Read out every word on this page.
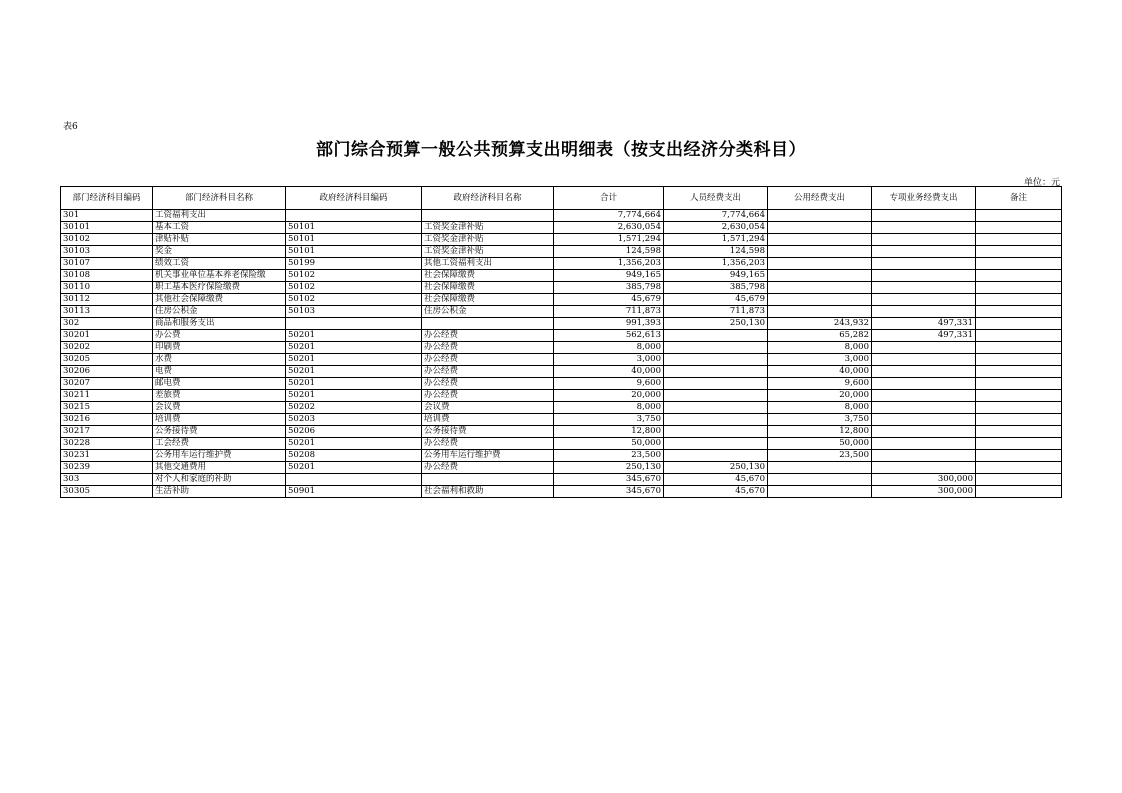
表6
部门综合预算一般公共预算支出明细表（按支出经济分类科目）
单位：元
部门经济科目编码	部门经济科目名称	政府经济科目编码	政府经济科目名称	合计	人员经费支出	公用经费支出	专项业务经费支出	备注
301	工资福利支出			7,774,664	7,774,664			
30101	基本工资	50101	工资奖金津补贴	2,630,054	2,630,054			
30102	津贴补贴	50101	工资奖金津补贴	1,571,294	1,571,294			
30103	奖金	50101	工资奖金津补贴	124,598	124,598			
30107	绩效工资	50199	其他工资福利支出	1,356,203	1,356,203			
30108	机关事业单位基本养老保险缴	50102	社会保障缴费	949,165	949,165			
30110	职工基本医疗保险缴费	50102	社会保障缴费	385,798	385,798			
30112	其他社会保障缴费	50102	社会保障缴费	45,679	45,679			
30113	住房公积金	50103	住房公积金	711,873	711,873			
302	商品和服务支出			991,393	250,130	243,932	497,331	
30201	办公费	50201	办公经费	562,613		65,282	497,331	
30202	印刷费	50201	办公经费	8,000		8,000		
30205	水费	50201	办公经费	3,000		3,000		
30206	电费	50201	办公经费	40,000		40,000		
30207	邮电费	50201	办公经费	9,600		9,600		
30211	差旅费	50201	办公经费	20,000		20,000		
30215	会议费	50202	会议费	8,000		8,000		
30216	培训费	50203	培训费	3,750		3,750		
30217	公务接待费	50206	公务接待费	12,800		12,800		
30228	工会经费	50201	办公经费	50,000		50,000		
30231	公务用车运行维护费	50208	公务用车运行维护费	23,500		23,500		
30239	其他交通费用	50201	办公经费	250,130	250,130			
303	对个人和家庭的补助			345,670	45,670		300,000	
30305	生活补助	50901	社会福利和救助	345,670	45,670		300,000	
